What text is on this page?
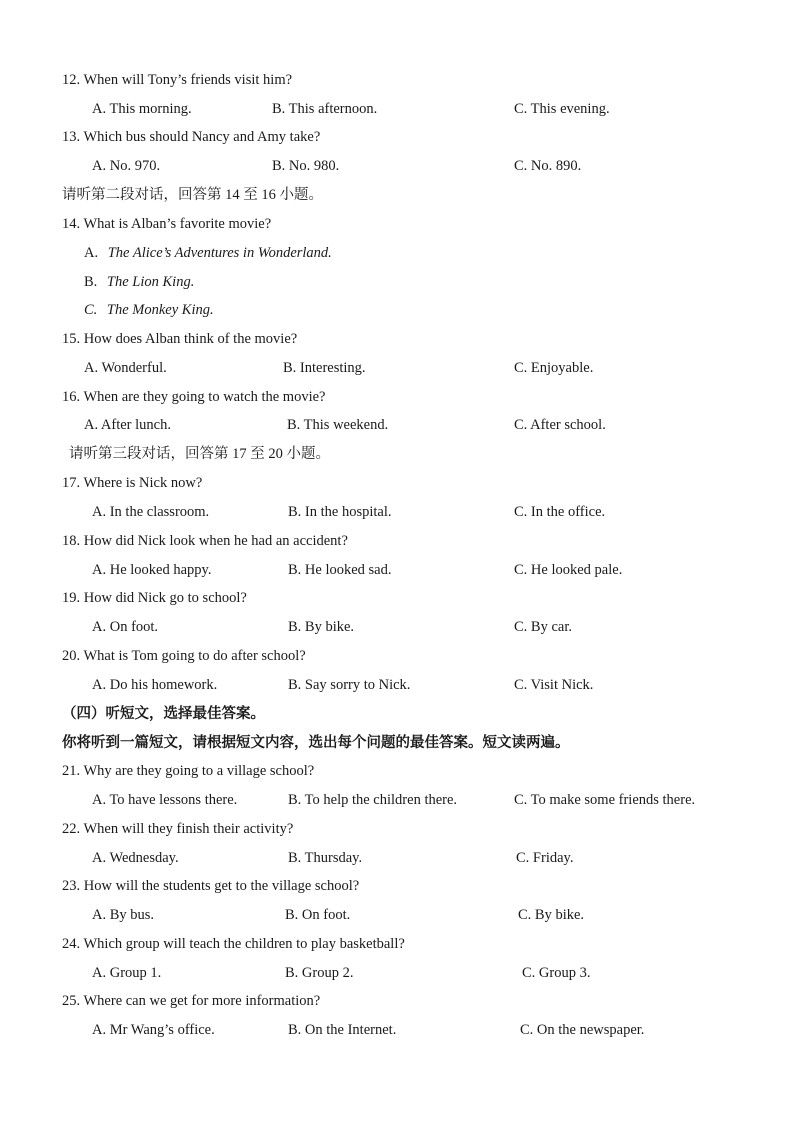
12. When will Tony’s friends visit him?
A. This morning.	B. This afternoon.	C. This evening.
13. Which bus should Nancy and Amy take?
A. No. 970.	B. No. 980.	C. No. 890.
请听第二段对话，回答第 14 至 16 小题。
14. What is Alban’s favorite movie?
A. The Alice’s Adventures in Wonderland.
B. The Lion King.
C. The Monkey King.
15. How does Alban think of the movie?
A. Wonderful.	B. Interesting.	C. Enjoyable.
16. When are they going to watch the movie?
A. After lunch.	B. This weekend.	C. After school.
请听第三段对话，回答第 17 至 20 小题。
17. Where is Nick now?
A. In the classroom.	B. In the hospital.	C. In the office.
18. How did Nick look when he had an accident?
A. He looked happy.	B. He looked sad.	C. He looked pale.
19. How did Nick go to school?
A. On foot.	B. By bike.	C. By car.
20. What is Tom going to do after school?
A. Do his homework.	B. Say sorry to Nick.	C. Visit Nick.
（四）听短文，选择最佳答案。
你将听到一篇短文，请根据短文内容，选出每个问题的最佳答案。短文读两遍。
21. Why are they going to a village school?
A. To have lessons there.	B. To help the children there.	C. To make some friends there.
22. When will they finish their activity?
A. Wednesday.	B. Thursday.	C. Friday.
23. How will the students get to the village school?
A. By bus.	B. On foot.	C. By bike.
24. Which group will teach the children to play basketball?
A. Group 1.	B. Group 2.	C. Group 3.
25. Where can we get for more information?
A. Mr Wang’s office.	B. On the Internet.	C. On the newspaper.
